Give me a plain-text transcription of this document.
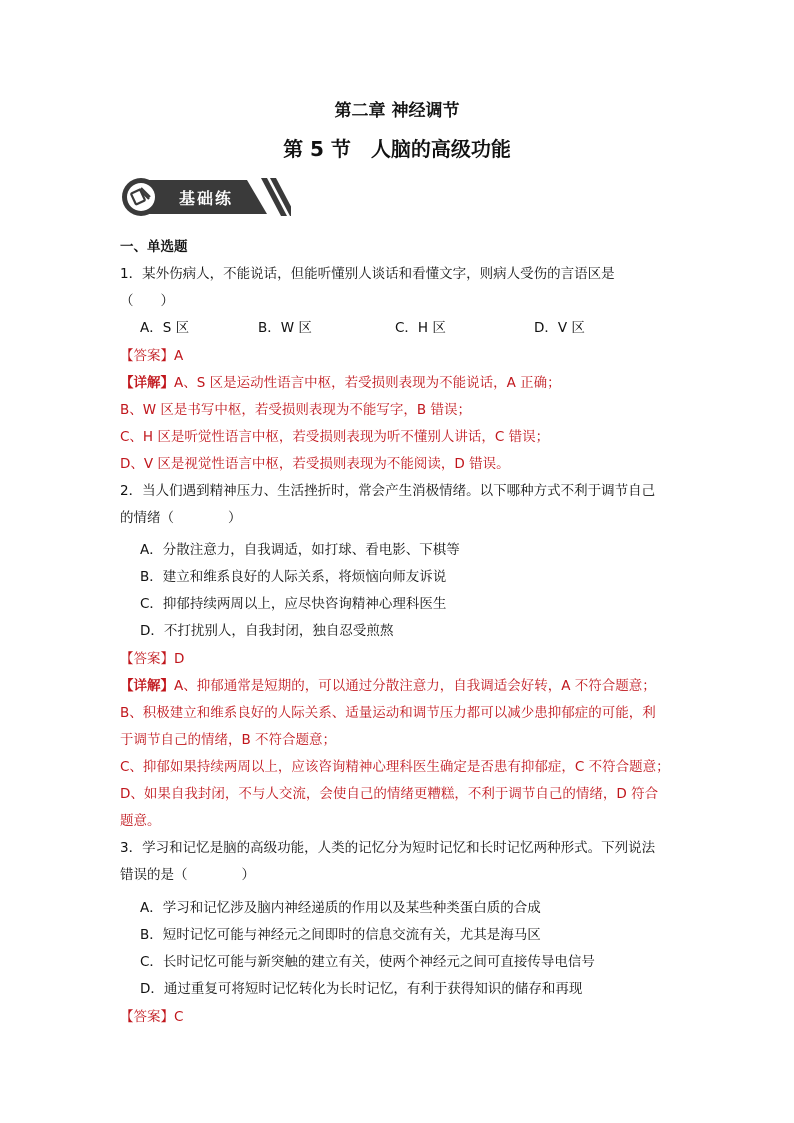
第二章 神经调节
第 5 节　人脑的高级功能
基础练
一、单选题
1．某外伤病人，不能说话，但能听懂别人谈话和看懂文字，则病人受伤的言语区是
（　　）
A．S 区	B．W 区	C．H 区	D．V 区
【答案】A
【详解】A、S 区是运动性语言中枢，若受损则表现为不能说话，A 正确；
B、W 区是书写中枢，若受损则表现为不能写字，B 错误；
C、H 区是听觉性语言中枢，若受损则表现为听不懂别人讲话，C 错误；
D、V 区是视觉性语言中枢，若受损则表现为不能阅读，D 错误。
2．当人们遇到精神压力、生活挫折时，常会产生消极情绪。以下哪种方式不利于调节自己
的情绪（　　　　）
A．分散注意力，自我调适，如打球、看电影、下棋等
B．建立和维系良好的人际关系，将烦恼向师友诉说
C．抑郁持续两周以上，应尽快咨询精神心理科医生
D．不打扰别人，自我封闭，独自忍受煎熬
【答案】D
【详解】A、抑郁通常是短期的，可以通过分散注意力，自我调适会好转，A 不符合题意；
B、积极建立和维系良好的人际关系、适量运动和调节压力都可以减少患抑郁症的可能，利
于调节自己的情绪，B 不符合题意；
C、抑郁如果持续两周以上，应该咨询精神心理科医生确定是否患有抑郁症，C 不符合题意；
D、如果自我封闭，不与人交流，会使自己的情绪更糟糕，不利于调节自己的情绪，D 符合
题意。
3．学习和记忆是脑的高级功能，人类的记忆分为短时记忆和长时记忆两种形式。下列说法
错误的是（　　　　）
A．学习和记忆涉及脑内神经递质的作用以及某些种类蛋白质的合成
B．短时记忆可能与神经元之间即时的信息交流有关，尤其是海马区
C．长时记忆可能与新突触的建立有关，使两个神经元之间可直接传导电信号
D．通过重复可将短时记忆转化为长时记忆，有利于获得知识的储存和再现
【答案】C
